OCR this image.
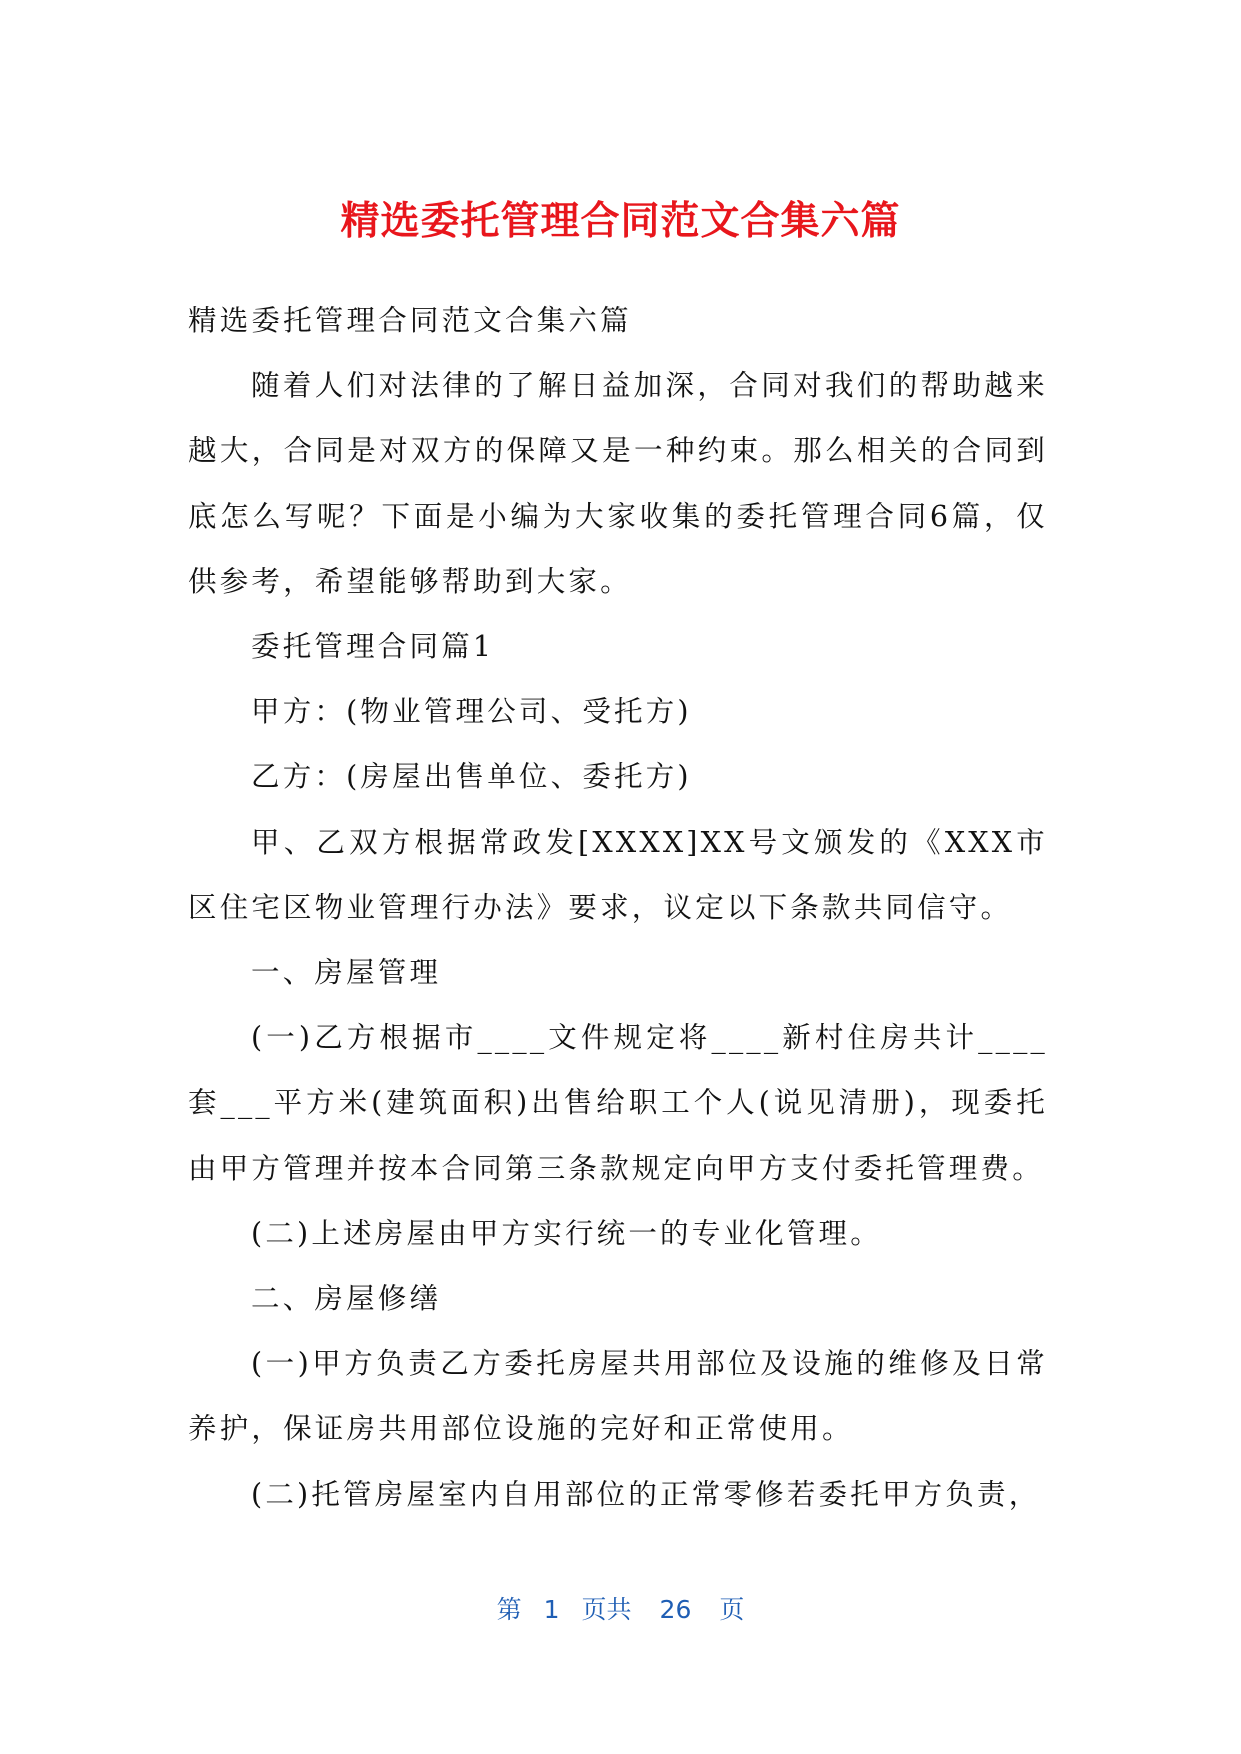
精选委托管理合同范文合集六篇

精选委托管理合同范文合集六篇

随着人们对法律的了解日益加深，合同对我们的帮助越来越大，合同是对双方的保障又是一种约束。那么相关的合同到底怎么写呢？下面是小编为大家收集的委托管理合同6篇，仅供参考，希望能够帮助到大家。

委托管理合同篇1

甲方：(物业管理公司、受托方)

乙方：(房屋出售单位、委托方)

甲、乙双方根据常政发[XXXX]XX号文颁发的《XXX市区住宅区物业管理行办法》要求，议定以下条款共同信守。

一、房屋管理

(一)乙方根据市____文件规定将____新村住房共计____套___平方米(建筑面积)出售给职工个人(说见清册)，现委托由甲方管理并按本合同第三条款规定向甲方支付委托管理费。

(二)上述房屋由甲方实行统一的专业化管理。

二、房屋修缮

(一)甲方负责乙方委托房屋共用部位及设施的维修及日常养护，保证房共用部位设施的完好和正常使用。

(二)托管房屋室内自用部位的正常零修若委托甲方负责，

第 1 页共 26 页
